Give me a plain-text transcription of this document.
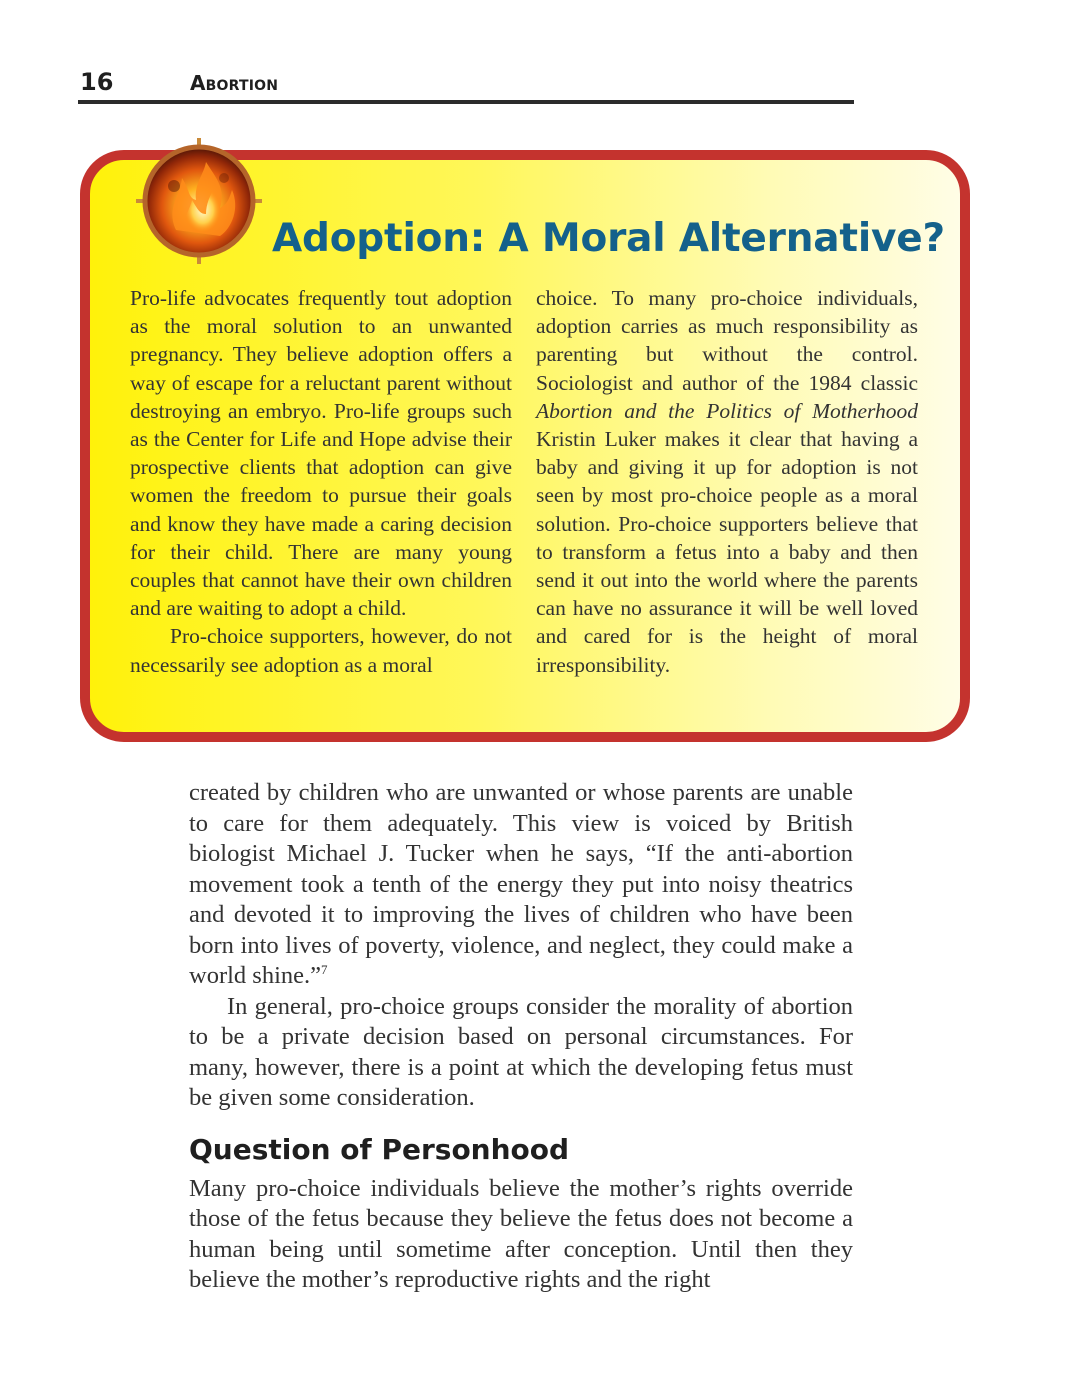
16	Abortion
Adoption: A Moral Alternative?

Pro-life advocates frequently tout adoption as the moral solution to an unwanted pregnancy. They believe adoption offers a way of escape for a reluctant parent without destroying an embryo. Pro-life groups such as the Center for Life and Hope advise their prospective clients that adoption can give women the freedom to pursue their goals and know they have made a caring decision for their child. There are many young couples that cannot have their own children and are waiting to adopt a child.

Pro-choice supporters, however, do not necessarily see adoption as a moral

choice. To many pro-choice individuals, adoption carries as much responsibility as parenting but without the control. Sociologist and author of the 1984 classic Abortion and the Politics of Motherhood Kristin Luker makes it clear that having a baby and giving it up for adoption is not seen by most pro-choice people as a moral solution. Pro-choice supporters believe that to transform a fetus into a baby and then send it out into the world where the parents can have no assurance it will be well loved and cared for is the height of moral irresponsibility.

created by children who are unwanted or whose parents are unable to care for them adequately. This view is voiced by British biologist Michael J. Tucker when he says, “If the anti-abortion movement took a tenth of the energy they put into noisy theatrics and devoted it to improving the lives of children who have been born into lives of poverty, violence, and neglect, they could make a world shine.”$^7$

In general, pro-choice groups consider the morality of abortion to be a private decision based on personal circumstances. For many, however, there is a point at which the developing fetus must be given some consideration.

Question of Personhood

Many pro-choice individuals believe the mother’s rights override those of the fetus because they believe the fetus does not become a human being until sometime after conception. Until then they believe the mother’s reproductive rights and the right
